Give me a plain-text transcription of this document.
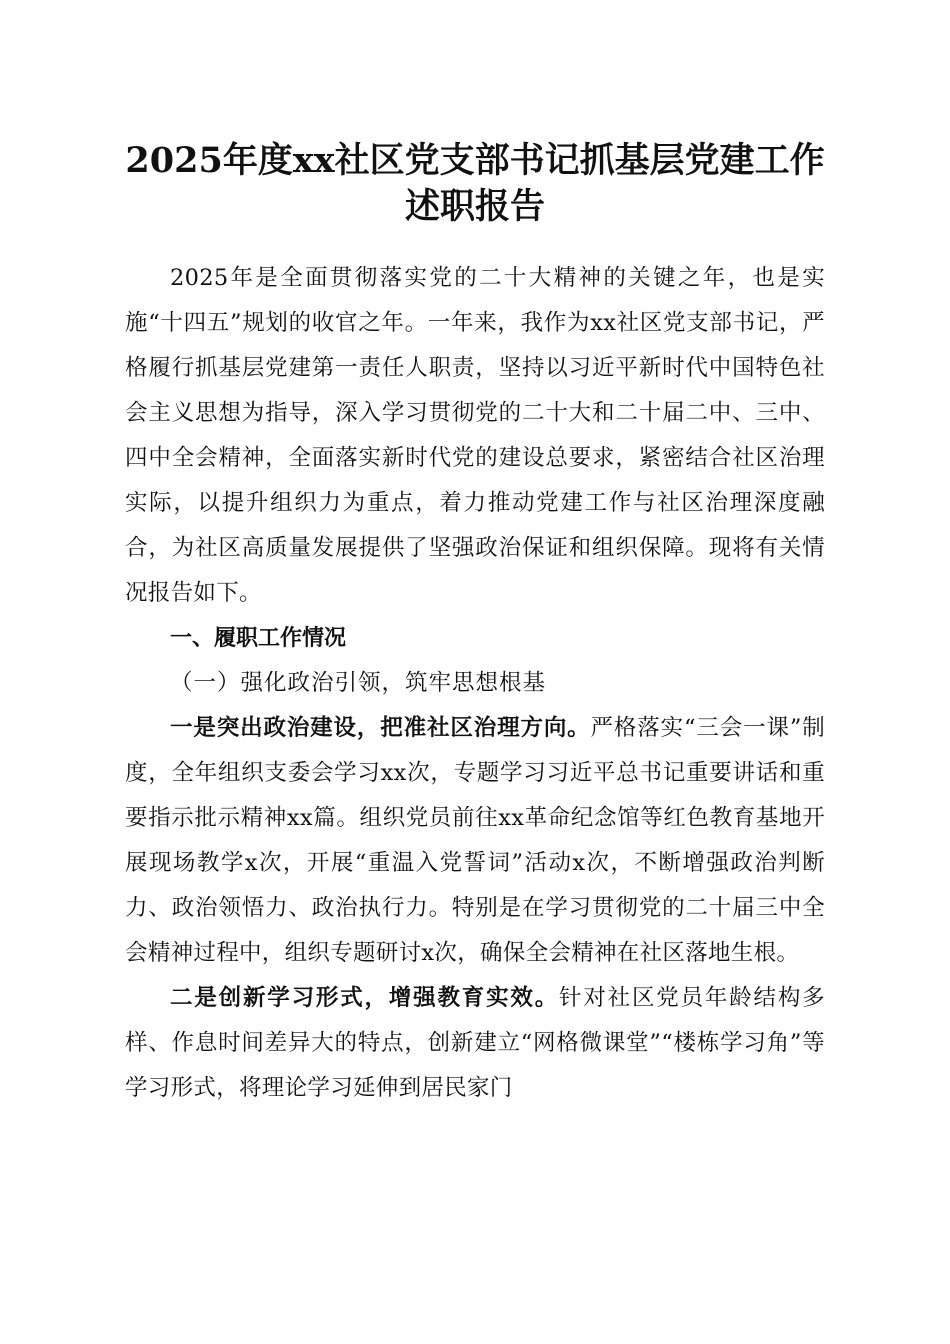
2025年度xx社区党支部书记抓基层党建工作
述职报告

2025年是全面贯彻落实党的二十大精神的关键之年，也是实施“十四五”规划的收官之年。一年来，我作为xx社区党支部书记，严格履行抓基层党建第一责任人职责，坚持以习近平新时代中国特色社会主义思想为指导，深入学习贯彻党的二十大和二十届二中、三中、四中全会精神，全面落实新时代党的建设总要求，紧密结合社区治理实际，以提升组织力为重点，着力推动党建工作与社区治理深度融合，为社区高质量发展提供了坚强政治保证和组织保障。现将有关情况报告如下。

一、履职工作情况

（一）强化政治引领，筑牢思想根基

一是突出政治建设，把准社区治理方向。严格落实“三会一课”制度，全年组织支委会学习xx次，专题学习习近平总书记重要讲话和重要指示批示精神xx篇。组织党员前往xx革命纪念馆等红色教育基地开展现场教学x次，开展“重温入党誓词”活动x次，不断增强政治判断力、政治领悟力、政治执行力。特别是在学习贯彻党的二十届三中全会精神过程中，组织专题研讨x次，确保全会精神在社区落地生根。

二是创新学习形式，增强教育实效。针对社区党员年龄结构多样、作息时间差异大的特点，创新建立“网格微课堂”“楼栋学习角”等学习形式，将理论学习延伸到居民家门
